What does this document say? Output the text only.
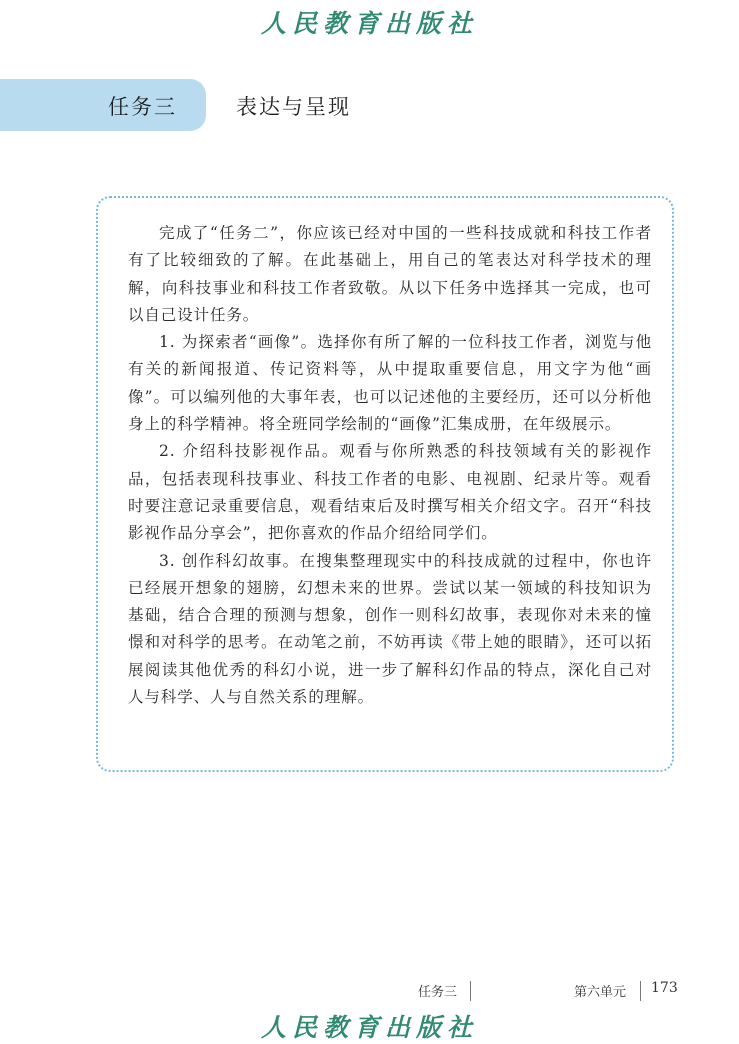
人民教育出版社
任务三	表达与呈现

完成了“任务二”，你应该已经对中国的一些科技成就和科技工作者有了比较细致的了解。在此基础上，用自己的笔表达对科学技术的理解，向科技事业和科技工作者致敬。从以下任务中选择其一完成，也可以自己设计任务。

1. 为探索者“画像”。选择你有所了解的一位科技工作者，浏览与他有关的新闻报道、传记资料等，从中提取重要信息，用文字为他“画像”。可以编列他的大事年表，也可以记述他的主要经历，还可以分析他身上的科学精神。将全班同学绘制的“画像”汇集成册，在年级展示。

2. 介绍科技影视作品。观看与你所熟悉的科技领域有关的影视作品，包括表现科技事业、科技工作者的电影、电视剧、纪录片等。观看时要注意记录重要信息，观看结束后及时撰写相关介绍文字。召开“科技影视作品分享会”，把你喜欢的作品介绍给同学们。

3. 创作科幻故事。在搜集整理现实中的科技成就的过程中，你也许已经展开想象的翅膀，幻想未来的世界。尝试以某一领域的科技知识为基础，结合合理的预测与想象，创作一则科幻故事，表现你对未来的憧憬和对科学的思考。在动笔之前，不妨再读《带上她的眼睛》，还可以拓展阅读其他优秀的科幻小说，进一步了解科幻作品的特点，深化自己对人与科学、人与自然关系的理解。

任务三	第六单元 173
人民教育出版社
